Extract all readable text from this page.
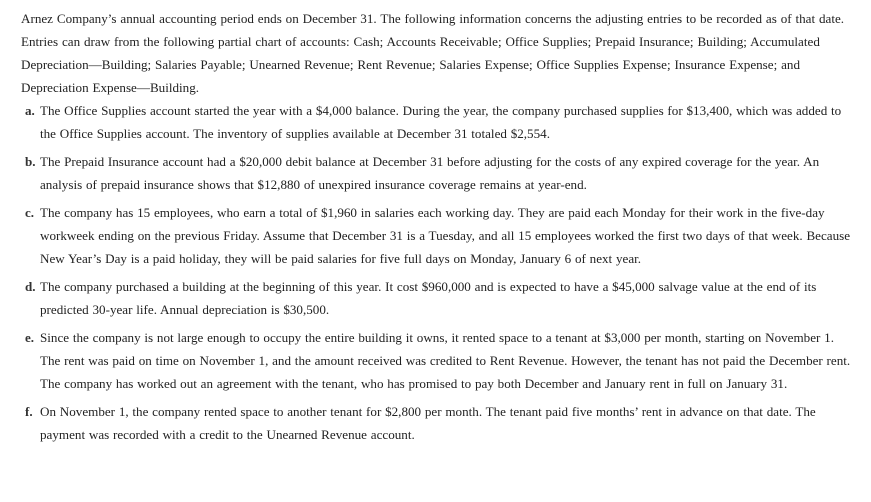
Arnez Company’s annual accounting period ends on December 31. The following information concerns the adjusting entries to be recorded as of that date. Entries can draw from the following partial chart of accounts: Cash; Accounts Receivable; Office Supplies; Prepaid Insurance; Building; Accumulated Depreciation—Building; Salaries Payable; Unearned Revenue; Rent Revenue; Salaries Expense; Office Supplies Expense; Insurance Expense; and Depreciation Expense—Building.

a. The Office Supplies account started the year with a $4,000 balance. During the year, the company purchased supplies for $13,400, which was added to the Office Supplies account. The inventory of supplies available at December 31 totaled $2,554.
b. The Prepaid Insurance account had a $20,000 debit balance at December 31 before adjusting for the costs of any expired coverage for the year. An analysis of prepaid insurance shows that $12,880 of unexpired insurance coverage remains at year-end.
c. The company has 15 employees, who earn a total of $1,960 in salaries each working day. They are paid each Monday for their work in the five-day workweek ending on the previous Friday. Assume that December 31 is a Tuesday, and all 15 employees worked the first two days of that week. Because New Year’s Day is a paid holiday, they will be paid salaries for five full days on Monday, January 6 of next year.
d. The company purchased a building at the beginning of this year. It cost $960,000 and is expected to have a $45,000 salvage value at the end of its predicted 30-year life. Annual depreciation is $30,500.
e. Since the company is not large enough to occupy the entire building it owns, it rented space to a tenant at $3,000 per month, starting on November 1. The rent was paid on time on November 1, and the amount received was credited to Rent Revenue. However, the tenant has not paid the December rent. The company has worked out an agreement with the tenant, who has promised to pay both December and January rent in full on January 31.
f. On November 1, the company rented space to another tenant for $2,800 per month. The tenant paid five months’ rent in advance on that date. The payment was recorded with a credit to the Unearned Revenue account.
